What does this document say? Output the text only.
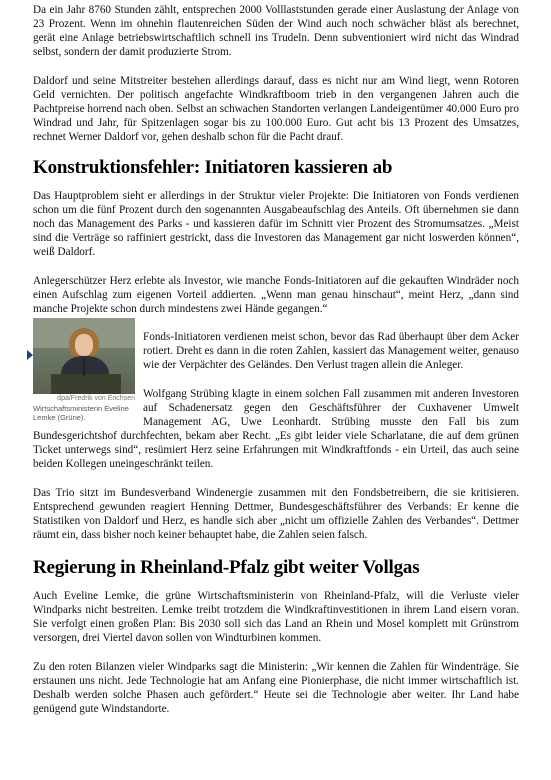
Da ein Jahr 8760 Stunden zählt, entsprechen 2000 Volllaststunden gerade einer Auslastung der Anlage von 23 Prozent. Wenn im ohnehin flautenreichen Süden der Wind auch noch schwächer bläst als berechnet, gerät eine Anlage betriebswirtschaftlich schnell ins Trudeln. Denn subventioniert wird nicht das Windrad selbst, sondern der damit produzierte Strom.

Daldorf und seine Mitstreiter bestehen allerdings darauf, dass es nicht nur am Wind liegt, wenn Rotoren Geld vernichten. Der politisch angefachte Windkraftboom trieb in den vergangenen Jahren auch die Pachtpreise horrend nach oben. Selbst an schwachen Standorten verlangen Landeigentümer 40.000 Euro pro Windrad und Jahr, für Spitzenlagen sogar bis zu 100.000 Euro. Gut acht bis 13 Prozent des Umsatzes, rechnet Werner Daldorf vor, gehen deshalb schon für die Pacht drauf.

Konstruktionsfehler: Initiatoren kassieren ab

Das Hauptproblem sieht er allerdings in der Struktur vieler Projekte: Die Initiatoren von Fonds verdienen schon um die fünf Prozent durch den sogenannten Ausgabeaufschlag des Anteils. Oft übernehmen sie dann noch das Management des Parks - und kassieren dafür im Schnitt vier Prozent des Stromumsatzes. „Meist sind die Verträge so raffiniert gestrickt, dass die Investoren das Management gar nicht loswerden können“, weiß Daldorf.

Anlegerschützer Herz erlebte als Investor, wie manche Fonds-Initiatoren auf die gekauften Windräder noch einen Aufschlag zum eigenen Vorteil addierten. „Wenn man genau hinschaut“, meint Herz, „dann sind manche Projekte schon durch mindestens zwei Hände gegangen.“

dpa/Fredrik von Erichsen
Wirtschaftsministerin Eveline Lemke (Grüne).

Fonds-Initiatoren verdienen meist schon, bevor das Rad überhaupt über dem Acker rotiert. Dreht es dann in die roten Zahlen, kassiert das Management weiter, genauso wie der Verpächter des Geländes. Den Verlust tragen allein die Anleger.

Wolfgang Strübing klagte in einem solchen Fall zusammen mit anderen Investoren auf Schadenersatz gegen den Geschäftsführer der Cuxhavener Umwelt Management AG, Uwe Leonhardt. Strübing musste den Fall bis zum Bundesgerichtshof durchfechten, bekam aber Recht. „Es gibt leider viele Scharlatane, die auf dem grünen Ticket unterwegs sind“, resümiert Herz seine Erfahrungen mit Windkraftfonds - ein Urteil, das auch seine beiden Kollegen uneingeschränkt teilen.

Das Trio sitzt im Bundesverband Windenergie zusammen mit den Fondsbetreibern, die sie kritisieren. Entsprechend gewunden reagiert Henning Dettmer, Bundesgeschäftsführer des Verbands: Er kenne die Statistiken von Daldorf und Herz, es handle sich aber „nicht um offizielle Zahlen des Verbandes“. Dettmer räumt ein, dass bisher noch keiner behauptet habe, die Zahlen seien falsch.

Regierung in Rheinland-Pfalz gibt weiter Vollgas

Auch Eveline Lemke, die grüne Wirtschaftsministerin von Rheinland-Pfalz, will die Verluste vieler Windparks nicht bestreiten. Lemke treibt trotzdem die Windkraftinvestitionen in ihrem Land eisern voran. Sie verfolgt einen großen Plan: Bis 2030 soll sich das Land an Rhein und Mosel komplett mit Grünstrom versorgen, drei Viertel davon sollen von Windturbinen kommen.

Zu den roten Bilanzen vieler Windparks sagt die Ministerin: „Wir kennen die Zahlen für Windenträge. Sie erstaunen uns nicht. Jede Technologie hat am Anfang eine Pionierphase, die nicht immer wirtschaftlich ist. Deshalb werden solche Phasen auch gefördert.“ Heute sei die Technologie aber weiter. Ihr Land habe genügend gute Windstandorte.
